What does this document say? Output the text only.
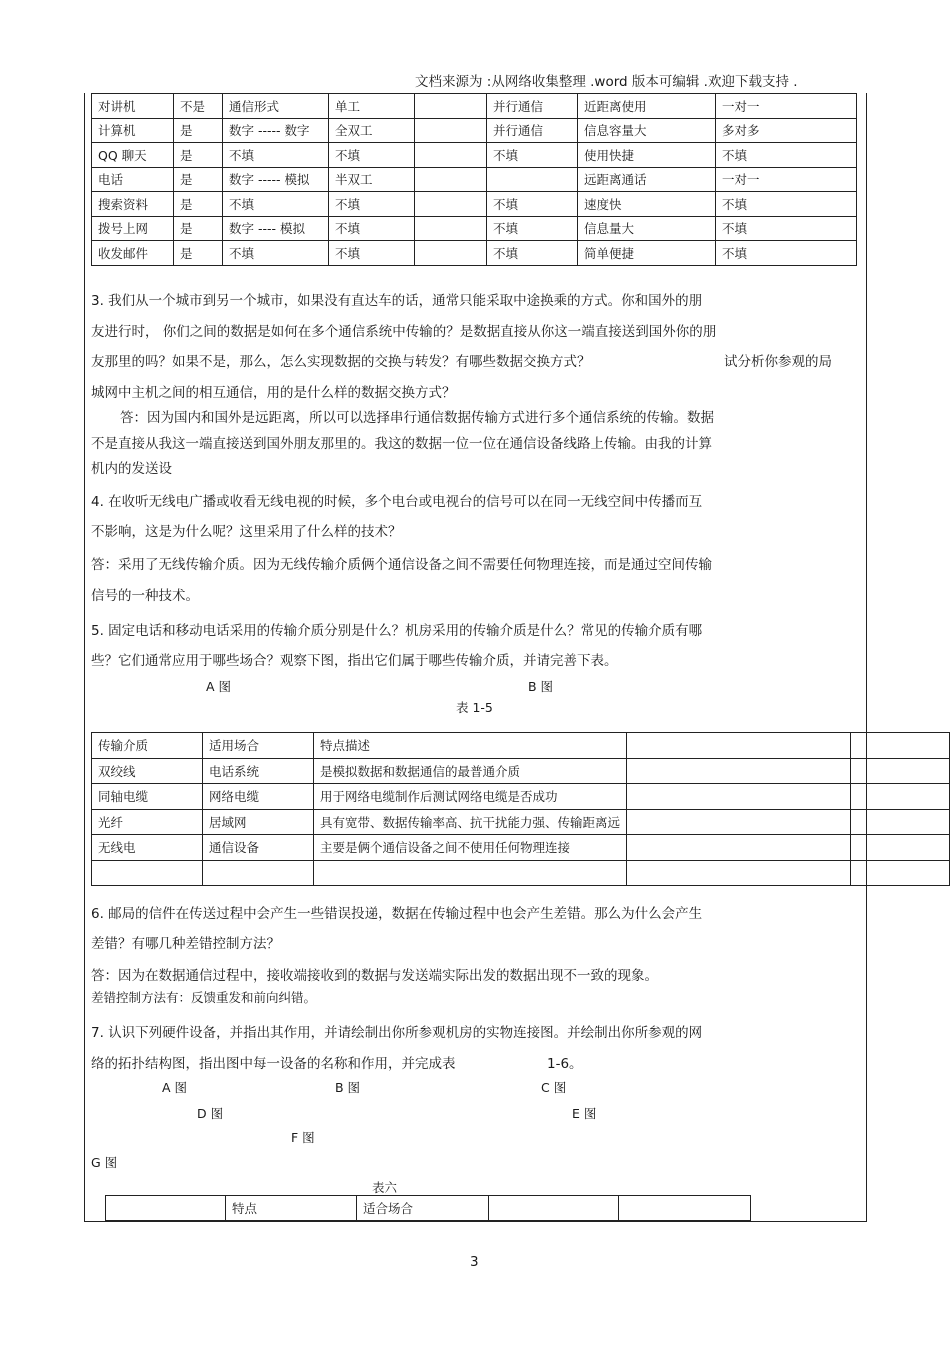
文档来源为 :从网络收集整理 .word 版本可编辑 .欢迎下载支持 .
对讲机	不是	通信形式	单工		并行通信	近距离使用	一对一
计算机	是	数字 ----- 数字	全双工		并行通信	信息容量大	多对多
QQ 聊天	是	不填	不填		不填	使用快捷	不填
电话	是	数字 ----- 模拟	半双工			远距离通话	一对一
搜索资料	是	不填	不填		不填	速度快	不填
拨号上网	是	数字 ---- 模拟	不填		不填	信息量大	不填
收发邮件	是	不填	不填		不填	简单便捷	不填
3. 我们从一个城市到另一个城市，如果没有直达车的话，通常只能采取中途换乘的方式。你和国外的朋
友进行时， 你们之间的数据是如何在多个通信系统中传输的？是数据直接从你这一端直接送到国外你的朋
友那里的吗？如果不是，那么，怎么实现数据的交换与转发？有哪些数据交换方式？	试分析你参观的局
城网中主机之间的相互通信，用的是什么样的数据交换方式？
答：因为国内和国外是远距离，所以可以选择串行通信数据传输方式进行多个通信系统的传输。数据
不是直接从我这一端直接送到国外朋友那里的。我这的数据一位一位在通信设备线路上传输。由我的计算
机内的发送设
4. 在收听无线电广播或收看无线电视的时候，多个电台或电视台的信号可以在同一无线空间中传播而互
不影响，这是为什么呢？这里采用了什么样的技术？
答：采用了无线传输介质。因为无线传输介质俩个通信设备之间不需要任何物理连接，而是通过空间传输
信号的一种技术。
5. 固定电话和移动电话采用的传输介质分别是什么？机房采用的传输介质是什么？常见的传输介质有哪
些？它们通常应用于哪些场合？观察下图，指出它们属于哪些传输介质，并请完善下表。
A 图	B 图
表 1-5
传输介质	适用场合	特点描述		
双绞线	电话系统	是模拟数据和数据通信的最普通介质		
同轴电缆	网络电缆	用于网络电缆制作后测试网络电缆是否成功		
光纤	居域网	具有宽带、数据传输率高、抗干扰能力强、传输距离远		
无线电	通信设备	主要是俩个通信设备之间不使用任何物理连接		

6. 邮局的信件在传送过程中会产生一些错误投递，数据在传输过程中也会产生差错。那么为什么会产生
差错？有哪几种差错控制方法？
答：因为在数据通信过程中，接收端接收到的数据与发送端实际出发的数据出现不一致的现象。
差错控制方法有：反馈重发和前向纠错。
7. 认识下列硬件设备，并指出其作用，并请绘制出你所参观机房的实物连接图。并绘制出你所参观的网
络的拓扑结构图，指出图中每一设备的名称和作用，并完成表	1-6。
A 图	B 图	C 图
D 图	E 图
F 图
G 图
表六
	特点	适合场合		
3
